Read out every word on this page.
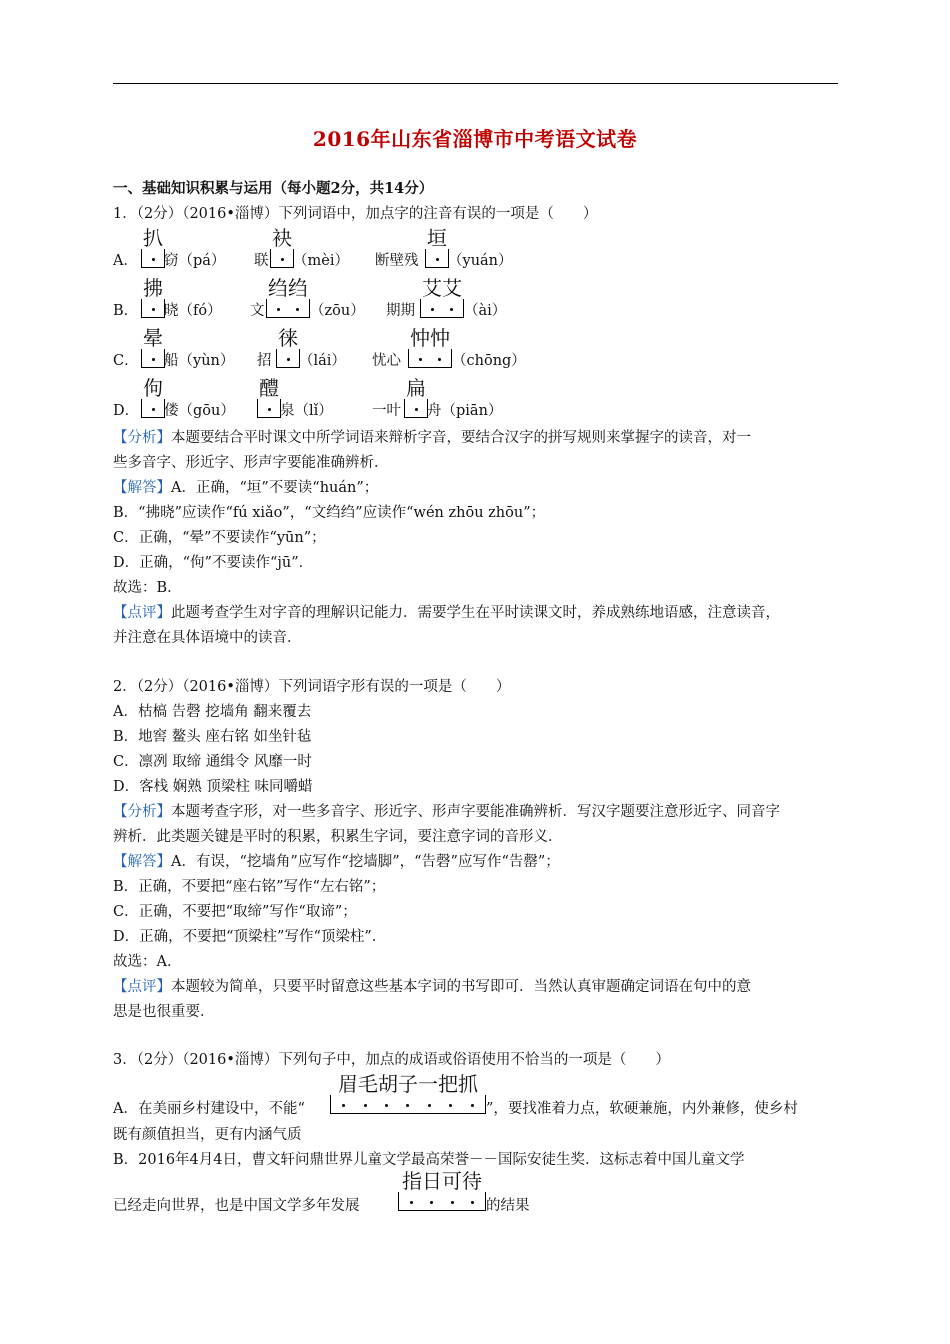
2016年山东省淄博市中考语文试卷
一、基础知识积累与运用（每小题2分，共14分）
1．（2分）（2016•淄博）下列词语中，加点字的注音有误的一项是（　　）
A．
扒
窃（pá） 联
袂
（mèi） 断壁残
垣
（yuán）
B．
拂
晓（fó） 文
绉绉
（zōu） 期期
艾艾
（ài）
C．
晕
船（yùn） 招
徕
（lái） 忧心
忡忡
（chōng）
D．
佝
偻（gōu）
醴
泉（lǐ）	一叶
扁
舟（piān）
【分析】本题要结合平时课文中所学词语来辩析字音，要结合汉字的拼写规则来掌握字的读音，对一
些多音字、形近字、形声字要能准确辨析．
【解答】A．正确，“垣”不要读“huán”；
B．“拂晓”应读作“fú xiǎo”，“文绉绉”应读作“wén zhōu zhōu”；
C．正确，“晕”不要读作“yūn”；
D．正确，“佝”不要读作“jū”．
故选：B．
【点评】此题考查学生对字音的理解识记能力．需要学生在平时读课文时，养成熟练地语感，注意读音，
并注意在具体语境中的读音．
2．（2分）（2016•淄博）下列词语字形有误的一项是（　　）
A．枯槁 告磬 挖墙角 翻来覆去
B．地窖 鳌头 座右铭 如坐针毡
C．凛冽 取缔 通缉令 风靡一时
D．客栈 娴熟 顶梁柱 味同嚼蜡
【分析】本题考查字形，对一些多音字、形近字、形声字要能准确辨析．写汉字题要注意形近字、同音字
辨析．此类题关键是平时的积累，积累生字词，要注意字词的音形义．
【解答】A．有误，“挖墙角”应写作“挖墙脚”，“告磬”应写作“告罄”；
B．正确，不要把“座右铭”写作“左右铭”；
C．正确，不要把“取缔”写作“取谛”；
D．正确，不要把“顶梁柱”写作“顶梁柱”．
故选：A．
【点评】本题较为简单，只要平时留意这些基本字词的书写即可．当然认真审题确定词语在句中的意
思是也很重要．
3．（2分）（2016•淄博）下列句子中，加点的成语或俗语使用不恰当的一项是（　　）
A．在美丽乡村建设中，不能“
眉毛胡子一把抓
”，要找准着力点，软硬兼施，内外兼修，使乡村
既有颜值担当，更有内涵气质
B．2016年4月4日，曹文轩问鼎世界儿童文学最高荣誉－－国际安徒生奖．这标志着中国儿童文学
已经走向世界，也是中国文学多年发展
指日可待
的结果
